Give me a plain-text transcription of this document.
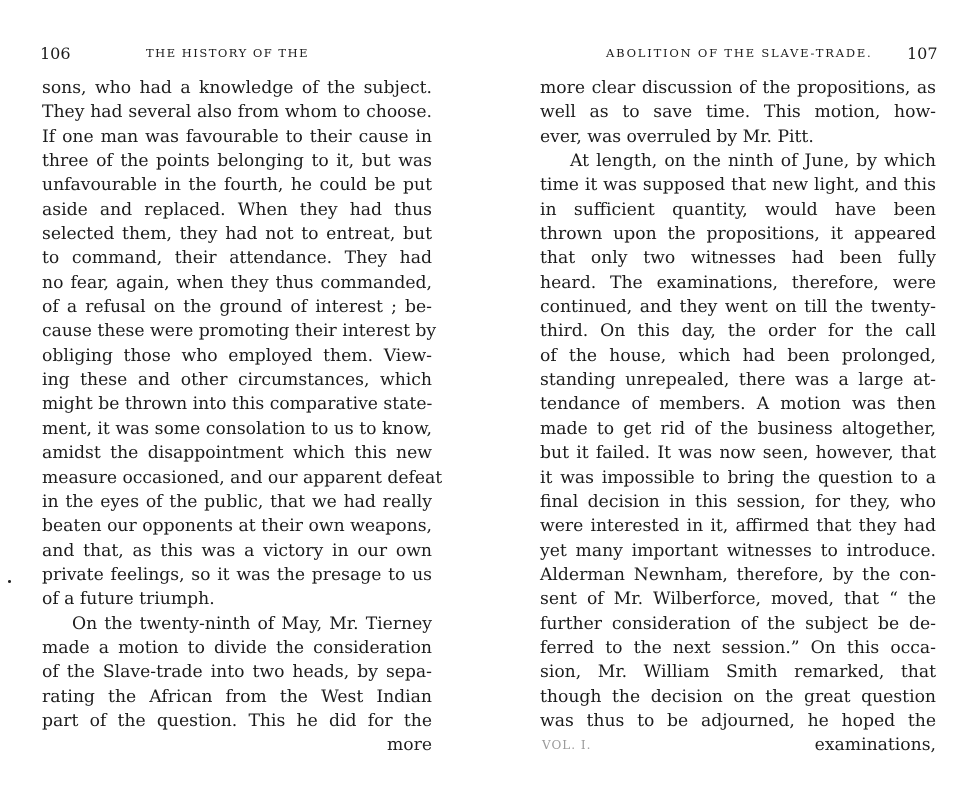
106	THE HISTORY OF THE
sons, who had a knowledge of the subject.
They had several also from whom to choose.
If one man was favourable to their cause in
three of the points belonging to it, but was
unfavourable in the fourth, he could be put
aside and replaced. When they had thus
selected them, they had not to entreat, but
to command, their attendance. They had
no fear, again, when they thus commanded,
of a refusal on the ground of interest ; be-
cause these were promoting their interest by
obliging those who employed them. View-
ing these and other circumstances, which
might be thrown into this comparative state-
ment, it was some consolation to us to know,
amidst the disappointment which this new
measure occasioned, and our apparent defeat
in the eyes of the public, that we had really
beaten our opponents at their own weapons,
and that, as this was a victory in our own
private feelings, so it was the presage to us
of a future triumph.
On the twenty-ninth of May, Mr. Tierney
made a motion to divide the consideration
of the Slave-trade into two heads, by sepa-
rating the African from the West Indian
part of the question. This he did for the
more
ABOLITION OF THE SLAVE-TRADE. 107
more clear discussion of the propositions, as
well as to save time. This motion, how-
ever, was overruled by Mr. Pitt.
At length, on the ninth of June, by which
time it was supposed that new light, and this
in sufficient quantity, would have been
thrown upon the propositions, it appeared
that only two witnesses had been fully
heard. The examinations, therefore, were
continued, and they went on till the twenty-
third. On this day, the order for the call
of the house, which had been prolonged,
standing unrepealed, there was a large at-
tendance of members. A motion was then
made to get rid of the business altogether,
but it failed. It was now seen, however, that
it was impossible to bring the question to a
final decision in this session, for they, who
were interested in it, affirmed that they had
yet many important witnesses to introduce.
Alderman Newnham, therefore, by the con-
sent of Mr. Wilberforce, moved, that “ the
further consideration of the subject be de-
ferred to the next session.” On this occa-
sion, Mr. William Smith remarked, that
though the decision on the great question
was thus to be adjourned, he hoped the
examinations,
VOL. I.
